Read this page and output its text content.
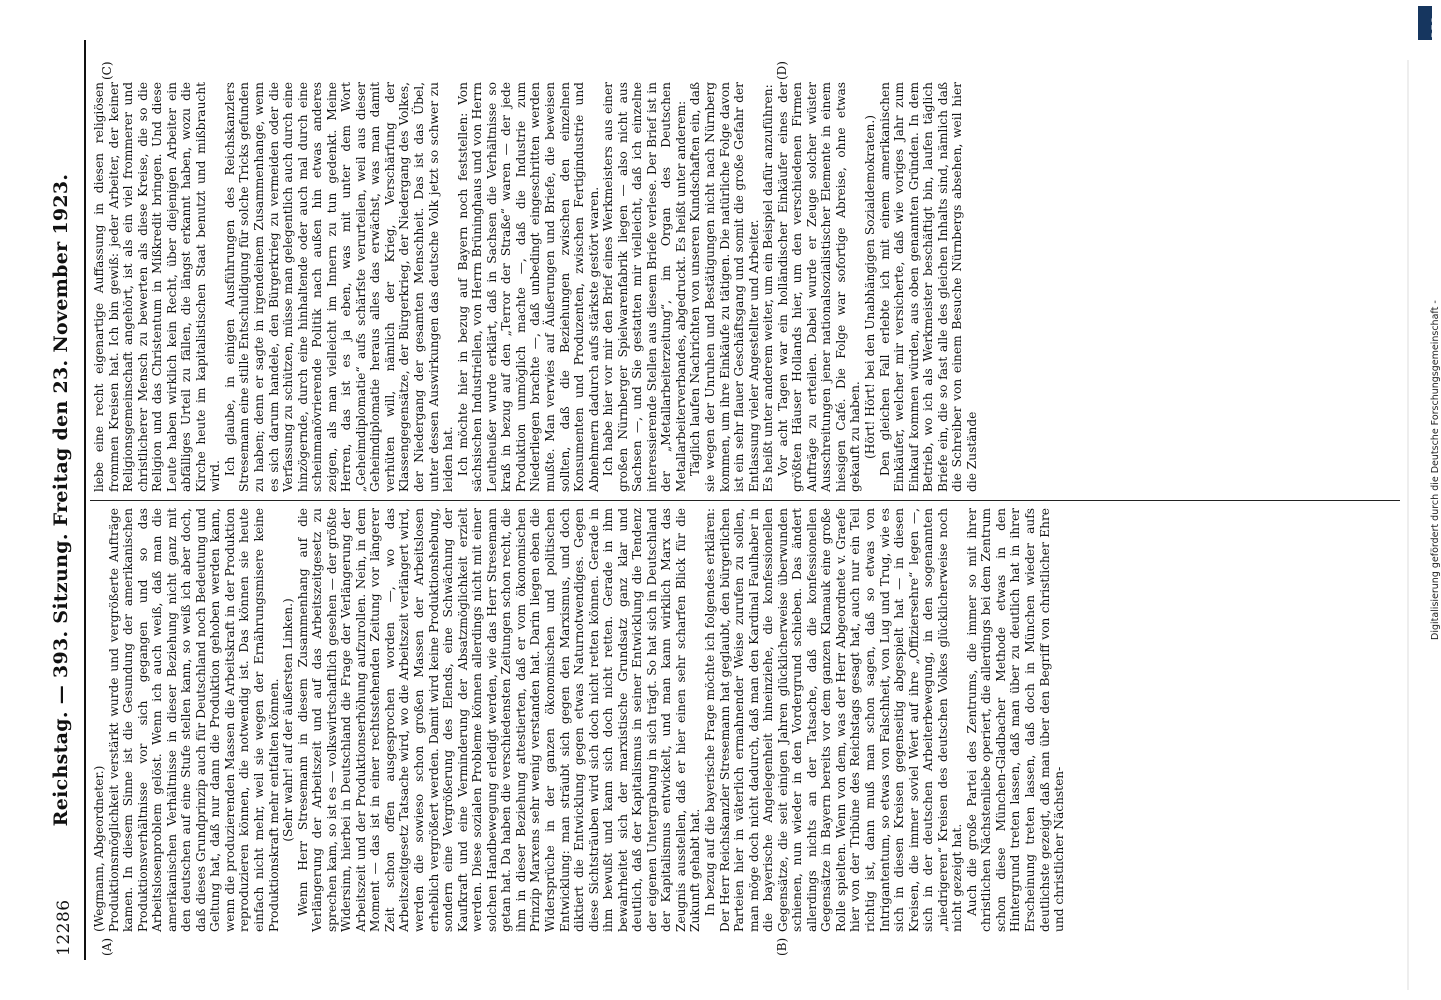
12286
Reichstag. — 393. Sitzung. Freitag den 23. November 1923.
(A)	(B)
(C)	(D)

(Wegmann, Abgeordneter.) Produktionsmöglichkeit verstärkt wurde und vergrößerte Aufträge kamen. In diesem Sinne ist die Gesundung der amerikanischen Produktionsverhältnisse vor sich gegangen und so das Arbeitslosenproblem gelöst. Wenn ich auch weiß, daß man die amerikanischen Verhältnisse in dieser Beziehung nicht ganz mit den deutschen auf eine Stufe stellen kann, so weiß ich aber doch, daß dieses Grundprinzip auch für Deutschland noch Bedeutung und Geltung hat, daß nur dann die Produktion gehoben werden kann, wenn die produzierenden Massen die Arbeitskraft in der Produktion reproduzieren können, die notwendig ist. Das können sie heute einfach nicht mehr, weil sie wegen der Ernährungsmisere keine Produktionskraft mehr entfalten können. (Sehr wahr! auf der äußersten Linken.) Wenn Herr Stresemann in diesem Zusammenhang auf die Verlängerung der Arbeitszeit und auf das Arbeitszeitgesetz zu sprechen kam, so ist es — volkswirtschaftlich gesehen — der größte Widersinn, hierbei in Deutschland die Frage der Verlängerung der Arbeitszeit und der Produktionserhöhung aufzurollen. Nein, in dem Moment — das ist in einer rechtsstehenden Zeitung vor längerer Zeit schon offen ausgesprochen worden —, wo das Arbeitszeitgesetz Tatsache wird, wo die Arbeitszeit verlängert wird, werden die sowieso schon großen Massen der Arbeitslosen erheblich vergrößert werden. Damit wird keine Produktionshebung, sondern eine Vergrößerung des Elends, eine Schwächung der Kaufkraft und eine Verminderung der Absatzmöglichkeit erzielt werden. Diese sozialen Probleme können allerdings nicht mit einer solchen Handbewegung erledigt werden, wie das Herr Stresemann getan hat. Da haben die verschiedensten Zeitungen schon recht, die ihm in dieser Beziehung attestierten, daß er vom ökonomischen Prinzip Marxens sehr wenig verstanden hat. Darin liegen eben die Widersprüche in der ganzen ökonomischen und politischen Entwicklung: man sträubt sich gegen den Marxismus, und doch diktiert die Entwicklung gegen etwas Naturnotwendiges. Gegen diese Sichtsträuben wird sich doch nicht retten können. Gerade in ihm bewußt und kann sich doch nicht retten. Gerade in ihm bewahrheitet sich der marxistische Grundsatz ganz klar und deutlich, daß der Kapitalismus in seiner Entwicklung die Tendenz der eigenen Untergrabung in sich trägt. So hat sich in Deutschland der Kapitalismus entwickelt, und man kann wirklich Marx das Zeugnis ausstellen, daß er hier einen sehr scharfen Blick für die Zukunft gehabt hat. In bezug auf die bayerische Frage möchte ich folgendes erklären: Der Herr Reichskanzler Stresemann hat geglaubt, den bürgerlichen Parteien hier in väterlich ermahnender Weise zurufen zu sollen, man möge doch nicht dadurch, daß man den Kardinal Faulhaber in die bayerische Angelegenheit hineinziehe, die konfessionellen Gegensätze, die seit einigen Jahren glücklicherweise überwunden schienen, nun wieder in den Vordergrund schieben. Das ändert allerdings nichts an der Tatsache, daß die konfessionellen Gegensätze in Bayern bereits vor dem ganzen Klamauk eine große Rolle spielten. Wenn von dem, was der Herr Abgeordnete v. Graefe hier von der Tribüne des Reichstags gesagt hat, auch nur ein Teil richtig ist, dann muß man schon sagen, daß so etwas von Intrigantentum, so etwas von Falschheit, von Lug und Trug, wie es sich in diesen Kreisen gegenseitig abgespielt hat — in diesen Kreisen, die immer soviel Wert auf ihre „Offiziersehre“ legen —, sich in der deutschen Arbeiterbewegung, in den sogenannten „niedrigeren“ Kreisen des deutschen Volkes glücklicherweise noch nicht gezeigt hat. Auch die große Partei des Zentrums, die immer so mit ihrer christlichen Nächstenliebe operiert, die allerdings bei dem Zentrum schon diese München-Gladbacher Methode etwas in den Hintergrund treten lassen, daß man über zu deutlich hat in ihrer Erscheinung treten lassen, daß doch in München wieder aufs deutlichste gezeigt, daß man über den Begriff von christlicher Ehre und christlicher Nächsten-

liebe eine recht eigenartige Auffassung in diesen religiösen frommen Kreisen hat. Ich bin gewiß: jeder Arbeiter, der keiner Religionsgemeinschaft angehört, ist als ein viel frommerer und christlicherer Mensch zu bewerten als diese Kreise, die so die Religion und das Christentum in Mißkredit bringen. Und diese Leute haben wirklich kein Recht, über diejenigen Arbeiter ein abfälliges Urteil zu fällen, die längst erkannt haben, wozu die Kirche heute im kapitalistischen Staat benutzt und mißbraucht wird.

Ich glaube, in einigen Ausführungen des Reichskanzlers Stresemann eine stille Entschuldigung für solche Tricks gefunden zu haben; denn er sagte in irgendeinem Zusammenhange, wenn es sich darum handele, den Bürgerkrieg zu vermeiden oder die Verfassung zu schützen, müsse man gelegentlich auch durch eine hinzögernde, durch eine hinhaltende oder auch mal durch eine scheinmanövrierende Politik nach außen hin etwas anderes zeigen, als man vielleicht im Innern zu tun gedenkt. Meine Herren, das ist es ja eben, was mit unter dem Wort „Geheimdiplomatie“ aufs schärfste verurteilen, weil aus dieser Geheimdiplomatie heraus alles das erwächst, was man damit verhüten will, nämlich der Krieg, Verschärfung der Klassengegensätze, der Bürgerkrieg, der Niedergang des Volkes, der Niedergang der gesamten Menschheit. Das ist das Übel, unter dessen Auswirkungen das deutsche Volk jetzt so schwer zu leiden hat. Ich möchte hier in bezug auf Bayern noch feststellen: Von sächsischen Industriellen, von Herrn Brüninghaus und von Herrn Leutheußer wurde erklärt, daß in Sachsen die Verhältnisse so kraß in bezug auf den „Terror der Straße“ waren — der jede Produktion unmöglich machte —, daß die Industrie zum Niederliegen brachte —, daß unbedingt eingeschritten werden mußte. Man verwies auf Äußerungen und Briefe, die beweisen sollten, daß die Beziehungen zwischen den einzelnen Konsumenten und Produzenten, zwischen Fertigindustrie und Abnehmern dadurch aufs stärkste gestört waren. Ich habe hier vor mir den Brief eines Werkmeisters aus einer großen Nürnberger Spielwarenfabrik liegen — also nicht aus Sachsen —, und Sie gestatten mir vielleicht, daß ich einzelne interessierende Stellen aus diesem Briefe verlese. Der Brief ist in der „Metallarbeiterzeitung“, im Organ des Deutschen Metallarbeiterverbandes, abgedruckt. Es heißt unter anderem: Täglich laufen Nachrichten von unseren Kundschaften ein, daß sie wegen der Unruhen und Bestätigungen nicht nach Nürnberg kommen, um ihre Einkäufe zu tätigen. Die natürliche Folge davon ist ein sehr flauer Geschäftsgang und somit die große Gefahr der Entlassung vieler Angestellter und Arbeiter. Es heißt unter anderem weiter, um ein Beispiel dafür anzuführen: Vor acht Tagen war ein holländischer Einkäufer eines der größten Häuser Hollands hier, um den verschiedenen Firmen Aufträge zu erteilen. Dabei wurde er Zeuge solcher wüster Ausschreitungen jener nationalsozialistischer Elemente in einem hiesigen Café. Die Folge war sofortige Abreise, ohne etwas gekauft zu haben. (Hört! Hört! bei den Unabhängigen Sozialdemokraten.) Den gleichen Fall erlebte ich mit einem amerikanischen Einkäufer, welcher mir versicherte, daß wie voriges Jahr zum Einkauf kommen würden, aus oben genannten Gründen. In dem Betrieb, wo ich als Werkmeister beschäftigt bin, laufen täglich Briefe ein, die so fast alle des gleichen Inhalts sind, nämlich daß die Schreiber von einem Besuche Nürnbergs absehen, weil hier die Zustände

DFG
Digitalisierung gefördert durch die Deutsche Forschungsgemeinschaft -
